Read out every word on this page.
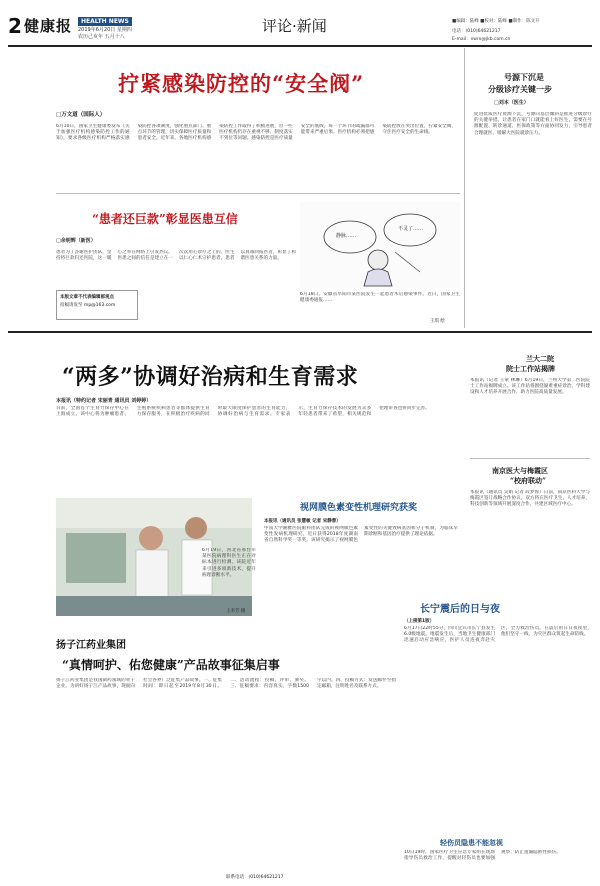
2 健康报	HEALTH NEWS
2019年6月20日 星期四
农历己亥年 五月十八
评论·新闻	■编辑：陆峰 ■校对：陆峰 ■制作：陈文开
电话：(010)64621217
E-mail：xwrx@jkb.com.cn
拧紧感染防控的“安全阀”
□万文道（国际人）
6月10日，国家卫生健康委发布《关于加强医疗机构感染防控工作的通知》，要求各级医疗机构严格落实感染防控各项制度，强化重点部门、重点环节的管理，切实保障医疗质量和患者安全。近年来，各地医疗机构感染防控工作取得了积极进展，但一些医疗机构仍存在重视不够、制度落实不到位等问题。感染防控是医疗质量安全的底线，每一个环节的疏漏都可能带来严重后果。医疗机构必须把感染防控放在突出位置，拧紧安全阀，守住医疗安全的生命线。
号源下沉是
分级诊疗关键一步
□刘本（医生）
促进优质医疗资源下沉，号源向基层倾斜是推进分级诊疗的关键举措。让患者在家门口就能看上好医生，需要在号源配置、转诊通道、医保政策等方面协同发力，引导患者合理就医，缓解大医院就诊压力。
“患者还巨款”彰显医患互信
□余明辉（新医）
患者为了答谢医护团队，坚持将巨款归还医院，这一暖心之举在网络上引发热议。医患之间的信任是建立在一次次用心诊疗之上的。医生以仁心仁术守护患者，患者以真诚回报医者，彰显了和谐医患关系的力量。
本版文章不代表编辑部观点
投稿请发至 mp@163.com
静脉……
不灵了……
6月18日，安徽省阜阳市某医院发生一起患者术后感染事件。近日，国家卫生健康委通报……
王琪 绘
“两多”协调好治病和生育需求
本报讯（特约记者 宋丽青 通讯员 刘婷婷）
日前，全国首个生育力保存中心在上海成立。该中心将为肿瘤患者、生殖系统疾病患者等群体提供生育力保存服务，在积极治疗疾病的同时最大限度保护患者的生育能力，协调好治病与生育需求。专家表示，生育力保存技术的发展为众多年轻患者带来了希望，相关规范和伦理审查也将同步完善。
兰大二院
院士工作站揭牌
本报讯（记者 王蒙 林琳）6月19日，兰州大学第二医院院士工作站揭牌成立。该工作站将围绕疑难重症诊治、学科建设和人才培养开展合作，助力医院高质量发展。
南京医大与梅霞区
“校府联动”
本报讯（通讯员 吴娟 记者 段梦蓉）日前，南京医科大学与梅霞区签订战略合作协议，双方将在医疗卫生、人才培养、科技创新等领域开展深度合作，共建区域医疗中心。
6月19日，河北省邢台市某医院病理科医生正在对标本进行检测。该院近年来引进多项新技术，提升病理诊断水平。
王李芳 摄
视网膜色素变性机理研究获奖
本报讯（通讯员 张慧敏 记者 宋静蓉）
中南大学湘雅医院眼科团队完成的视网膜色素变性发病机理研究，近日获得2018年度湖南省自然科学奖一等奖。该研究揭示了视网膜色素变性的关键致病基因和分子机制，为临床早期诊断和基因治疗提供了理论依据。
长宁震后的日与夜
（上接第1版）
6月17日22时55分，四川宜宾市长宁县发生6.0级地震。地震发生后，当地卫生健康部门迅速启动应急响应，医护人员连夜奔赴灾区，全力救治伤员。在震后的日日夜夜里，他们坚守一线，为灾区群众筑起生命防线。
轻伤员隐患不能忽视
10日19时，国家医疗卫生应急专家组在现场指导伤员救治工作，提醒对轻伤员也要加强观察，防止遗漏隐匿性损伤。
扬子江药业集团
“真情呵护、佑您健康”产品故事征集启事
扬子江药业集团是我国制药领域的骨干企业。为讲好扬子江产品故事，现面向社会各界广泛征集产品故事。一、征集时间：即日起至2019年8月30日。二、活动流程：投稿、评审、颁奖。三、征稿要求：内容真实，字数1500字以内。四、投稿方式：发送邮件至指定邮箱，注明姓名及联系方式。
联系电话：(010)64621217
